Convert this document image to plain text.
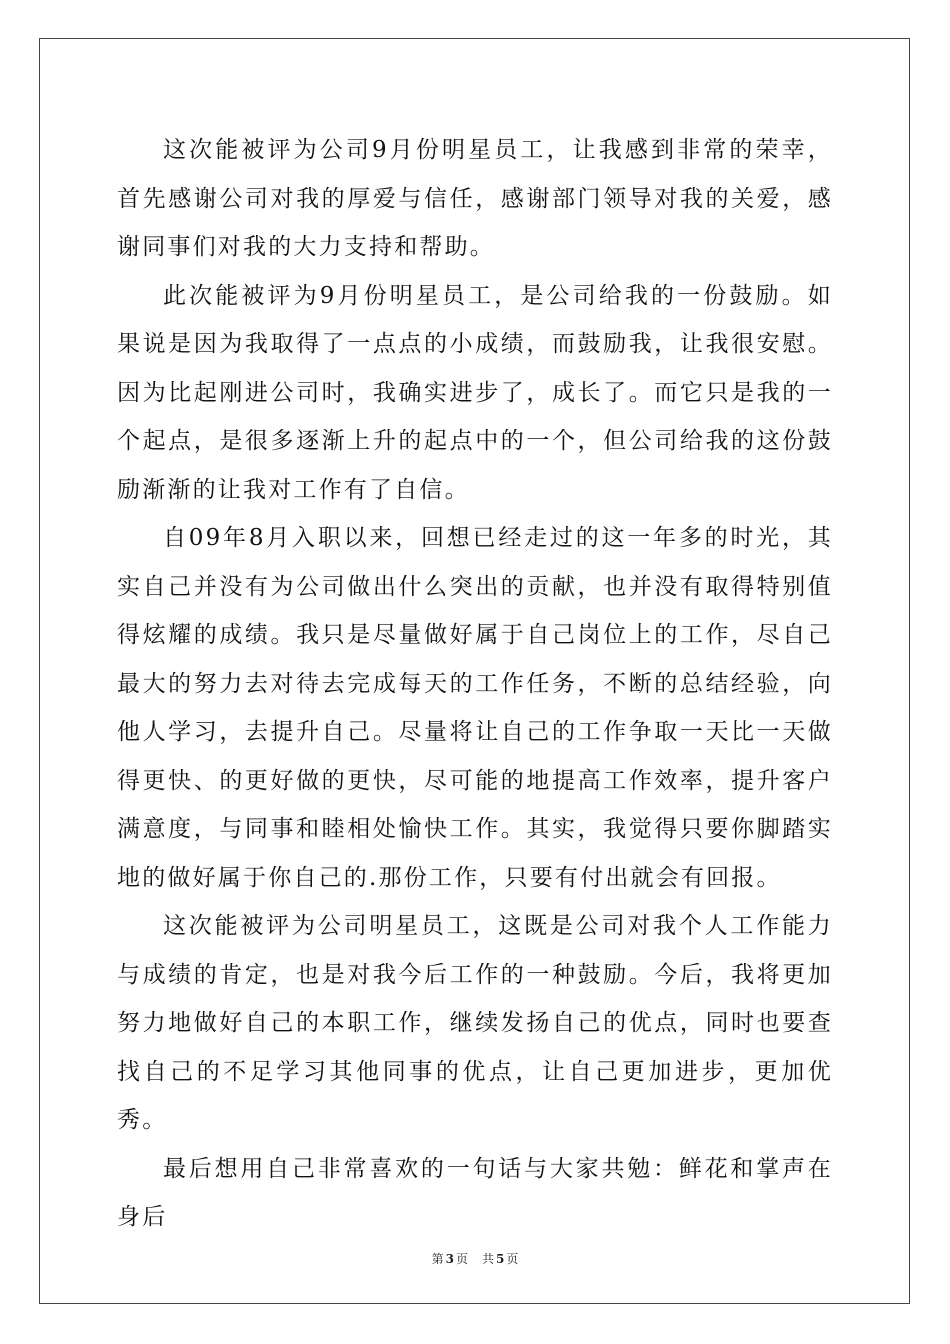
这次能被评为公司9月份明星员工，让我感到非常的荣幸，首先感谢公司对我的厚爱与信任，感谢部门领导对我的关爱，感谢同事们对我的大力支持和帮助。

此次能被评为9月份明星员工，是公司给我的一份鼓励。如果说是因为我取得了一点点的小成绩，而鼓励我，让我很安慰。因为比起刚进公司时，我确实进步了，成长了。而它只是我的一个起点，是很多逐渐上升的起点中的一个，但公司给我的这份鼓励渐渐的让我对工作有了自信。

自09年8月入职以来，回想已经走过的这一年多的时光，其实自己并没有为公司做出什么突出的贡献，也并没有取得特别值得炫耀的成绩。我只是尽量做好属于自己岗位上的工作，尽自己最大的努力去对待去完成每天的工作任务，不断的总结经验，向他人学习，去提升自己。尽量将让自己的工作争取一天比一天做得更快、的更好做的更快，尽可能的地提高工作效率，提升客户满意度，与同事和睦相处愉快工作。其实，我觉得只要你脚踏实地的做好属于你自己的.那份工作，只要有付出就会有回报。

这次能被评为公司明星员工，这既是公司对我个人工作能力与成绩的肯定，也是对我今后工作的一种鼓励。今后，我将更加努力地做好自己的本职工作，继续发扬自己的优点，同时也要查找自己的不足学习其他同事的优点，让自己更加进步，更加优秀。

最后想用自己非常喜欢的一句话与大家共勉：鲜花和掌声在身后

第 3 页 共 5 页
